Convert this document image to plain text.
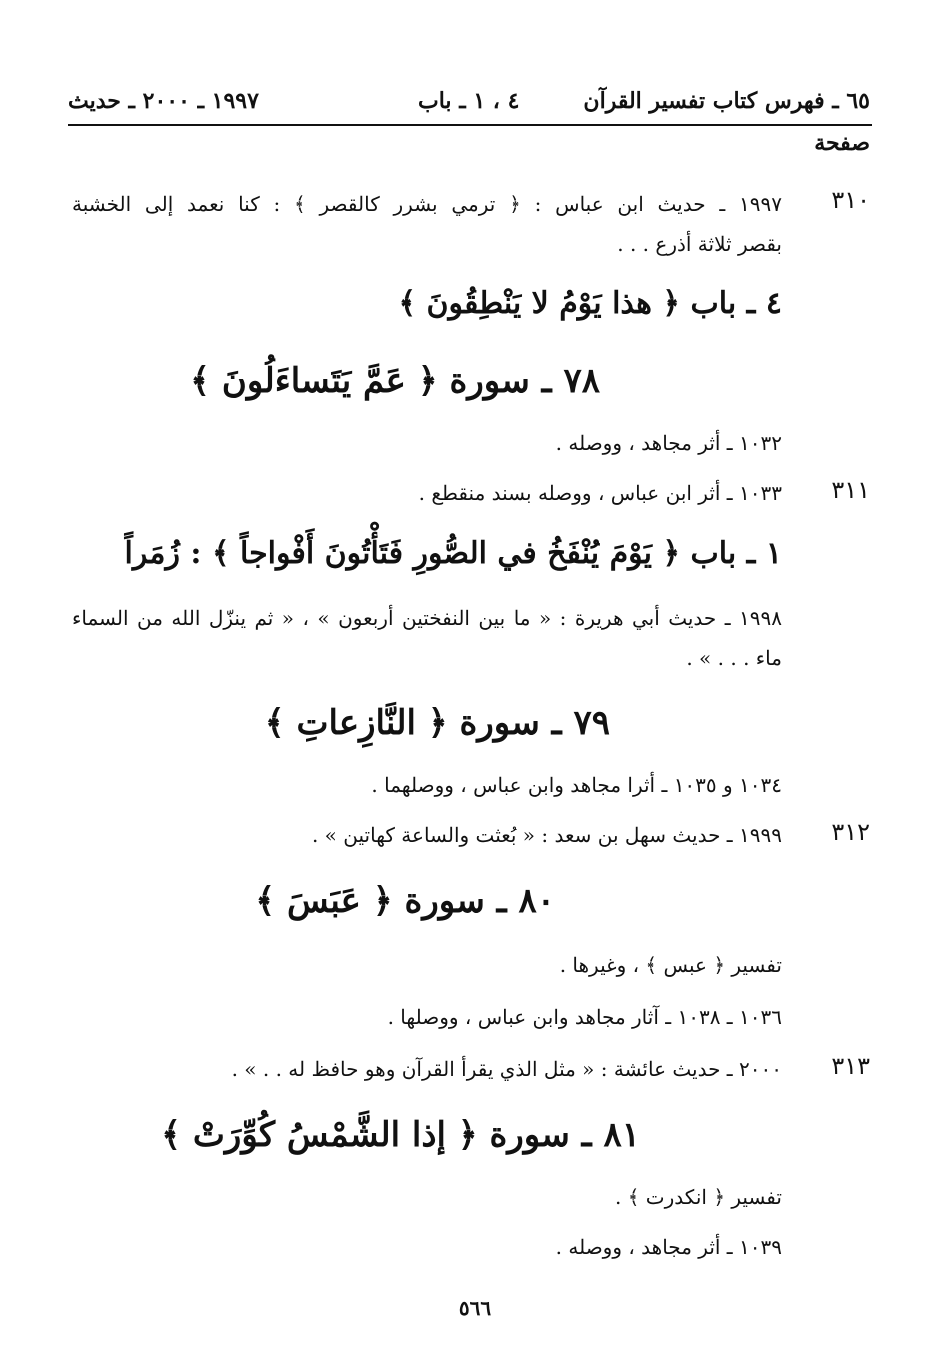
٦٥ ـ فهرس كتاب تفسير القرآن
٤ ، ١ ـ باب
١٩٩٧ ـ ٢٠٠٠ ـ حديث
صفحة
٣١٠
١٩٩٧ ـ حديث ابن عباس : ﴿ ترمي بشرر كالقصر ﴾ : كنا نعمد إلى الخشبة
بقصر ثلاثة أذرع . . .
٤ ـ باب ﴿ هذا يَوْمُ لا يَنْطِقُونَ ﴾
٧٨ ـ سورة ﴿ عَمَّ يَتَساءَلُونَ ﴾
١٠٣٢ ـ أثر مجاهد ، ووصله .
٣١١
١٠٣٣ ـ أثر ابن عباس ، ووصله بسند منقطع .
١ ـ باب ﴿ يَوْمَ يُنْفَخُ في الصُّورِ فَتَأْتُونَ أَفْواجاً ﴾ : زُمَراً
١٩٩٨ ـ حديث أبي هريرة : « ما بين النفختين أربعون » ، « ثم ينزّل الله من السماء
ماء . . . » .
٧٩ ـ سورة ﴿ النَّازِعاتِ ﴾
١٠٣٤ و ١٠٣٥ ـ أثرا مجاهد وابن عباس ، ووصلهما .
٣١٢
١٩٩٩ ـ حديث سهل بن سعد : « بُعثت والساعة كهاتين » .
٨٠ ـ سورة ﴿ عَبَسَ ﴾
تفسير ﴿ عبس ﴾ ، وغيرها .
١٠٣٦ ـ ١٠٣٨ ـ آثار مجاهد وابن عباس ، ووصلها .
٣١٣
٢٠٠٠ ـ حديث عائشة : « مثل الذي يقرأ القرآن وهو حافظ له . . » .
٨١ ـ سورة ﴿ إذا الشَّمْسُ كُوِّرَتْ ﴾
تفسير ﴿ انكدرت ﴾ .
١٠٣٩ ـ أثر مجاهد ، ووصله .
٥٦٦
